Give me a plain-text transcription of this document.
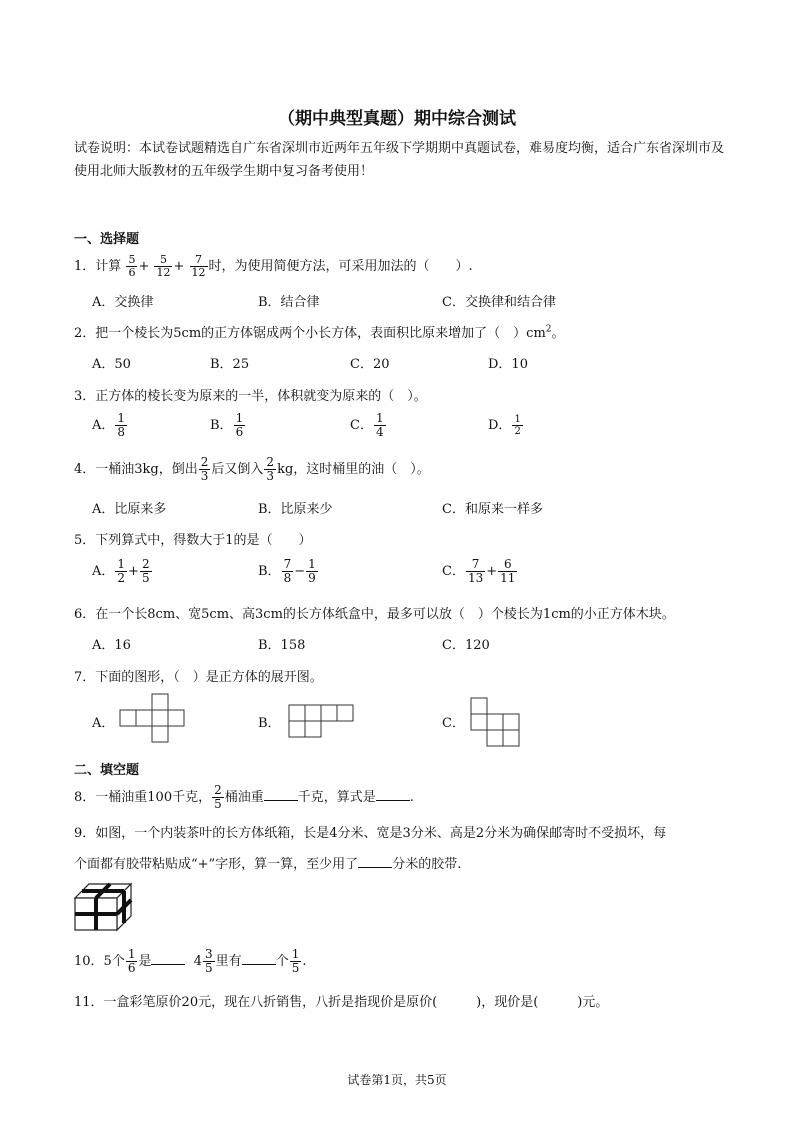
（期中典型真题）期中综合测试
试卷说明：本试卷试题精选自广东省深圳市近两年五年级下学期期中真题试卷，难易度均衡，适合广东省深圳市及使用北师大版教材的五年级学生期中复习备考使用！
一、选择题
1．计算 $\frac{5}{6} + \frac{5}{12} + \frac{7}{12}$ 时，为使用简便方法，可采用加法的（　　）.
A．交换律	B．结合律	C．交换律和结合律
2．把一个棱长为5cm的正方体锯成两个小长方体，表面积比原来增加了（　）$cm^2$。
A．50	B．25	C．20	D．10
3．正方体的棱长变为原来的一半，体积就变为原来的（　）。
A． $\frac{1}{8}$	B． $\frac{1}{6}$	C． $\frac{1}{4}$	D． $\frac{1}{2}$
4．一桶油3kg，倒出 $\frac{2}{3}$ 后又倒入 $\frac{2}{3}$ kg，这时桶里的油（　）。
A．比原来多	B．比原来少	C．和原来一样多
5．下列算式中，得数大于1的是（　　）
A． $\frac{1}{2} + \frac{2}{5}$	B． $\frac{7}{8} - \frac{1}{9}$	C． $\frac{7}{13} + \frac{6}{11}$
6．在一个长8cm、宽5cm、高3cm的长方体纸盒中，最多可以放（　）个棱长为1cm的小正方体木块。
A．16	B．158	C．120
7．下面的图形，（　）是正方体的展开图。
A．	B．	C．
二、填空题
8．一桶油重100千克， $\frac{2}{5}$ 桶油重	千克，算式是	.
9．如图，一个内装茶叶的长方体纸箱，长是4分米、宽是3分米、高是2分米为确保邮寄时不受损坏，每
个面都有胶带粘贴成“+”字形，算一算，至少用了	分米的胶带.
10．5个 $\frac{1}{6}$ 是	$4 \frac{3}{5}$ 里有	个 $\frac{1}{5}$ .
11．一盒彩笔原价20元，现在八折销售，八折是指现价是原价(　　　)，现价是(　　　)元。
试卷第1页，共5页
